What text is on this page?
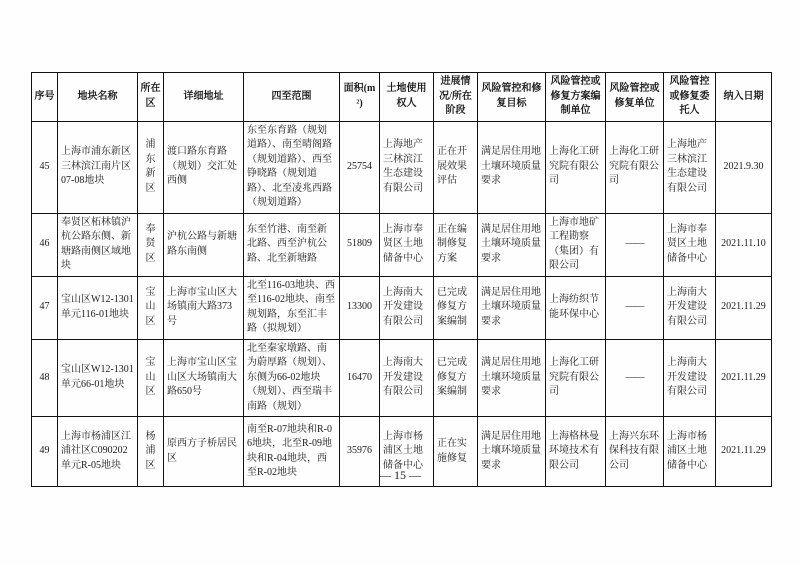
序号	地块名称	所在区	详细地址	四至范围	面积(m²)	土地使用权人	进展情况/所在阶段	风险管控和修复目标	风险管控或修复方案编制单位	风险管控或修复单位	风险管控或修复委托人	纳入日期
45	上海市浦东新区三林滨江南片区07-08地块	浦东新区	渡口路东育路（规划）交汇处西侧	东至东育路（规划道路）、南至晴阁路（规划道路）、西至铮晓路（规划道路）、北至凌兆西路（规划道路）	25754	上海地产三林滨江生态建设有限公司	正在开展效果评估	满足居住用地土壤环境质量要求	上海化工研究院有限公司	上海化工研究院有限公司	上海地产三林滨江生态建设有限公司	2021.9.30
46	奉贤区柘林镇沪杭公路东侧、新塘路南侧区域地块	奉贤区	沪杭公路与新塘路东南侧	东至竹港、南至新北路、西至沪杭公路、北至新塘路	51809	上海市奉贤区土地储备中心	正在编制修复方案	满足居住用地土壤环境质量要求	上海市地矿工程勘察（集团）有限公司	——	上海市奉贤区土地储备中心	2021.11.10
47	宝山区W12-1301单元116-01地块	宝山区	上海市宝山区大场镇南大路373号	北至116-03地块、西至116-02地块、南至规划路，东至汇丰路（拟规划）	13300	上海南大开发建设有限公司	已完成修复方案编制	满足居住用地土壤环境质量要求	上海纺织节能环保中心	——	上海南大开发建设有限公司	2021.11.29
48	宝山区W12-1301单元66-01地块	宝山区	上海市宝山区宝山区大场镇南大路650号	北至秦家墩路、南为蔚厚路（规划）、东侧为66-02地块（规划）、西至瑞丰南路（规划）	16470	上海南大开发建设有限公司	已完成修复方案编制	满足居住用地土壤环境质量要求	上海化工研究院有限公司	——	上海南大开发建设有限公司	2021.11.29
49	上海市杨浦区江浦社区C090202单元R-05地块	杨浦区	原西方子桥居民区	南至R-07地块和R-06地块，北至R-09地块和R-04地块，西至R-02地块	35976	上海市杨浦区土地储备中心	正在实施修复	满足居住用地土壤环境质量要求	上海格林曼环境技术有限公司	上海兴东环保科技有限公司	上海市杨浦区土地储备中心	2021.11.29
— 15 —
